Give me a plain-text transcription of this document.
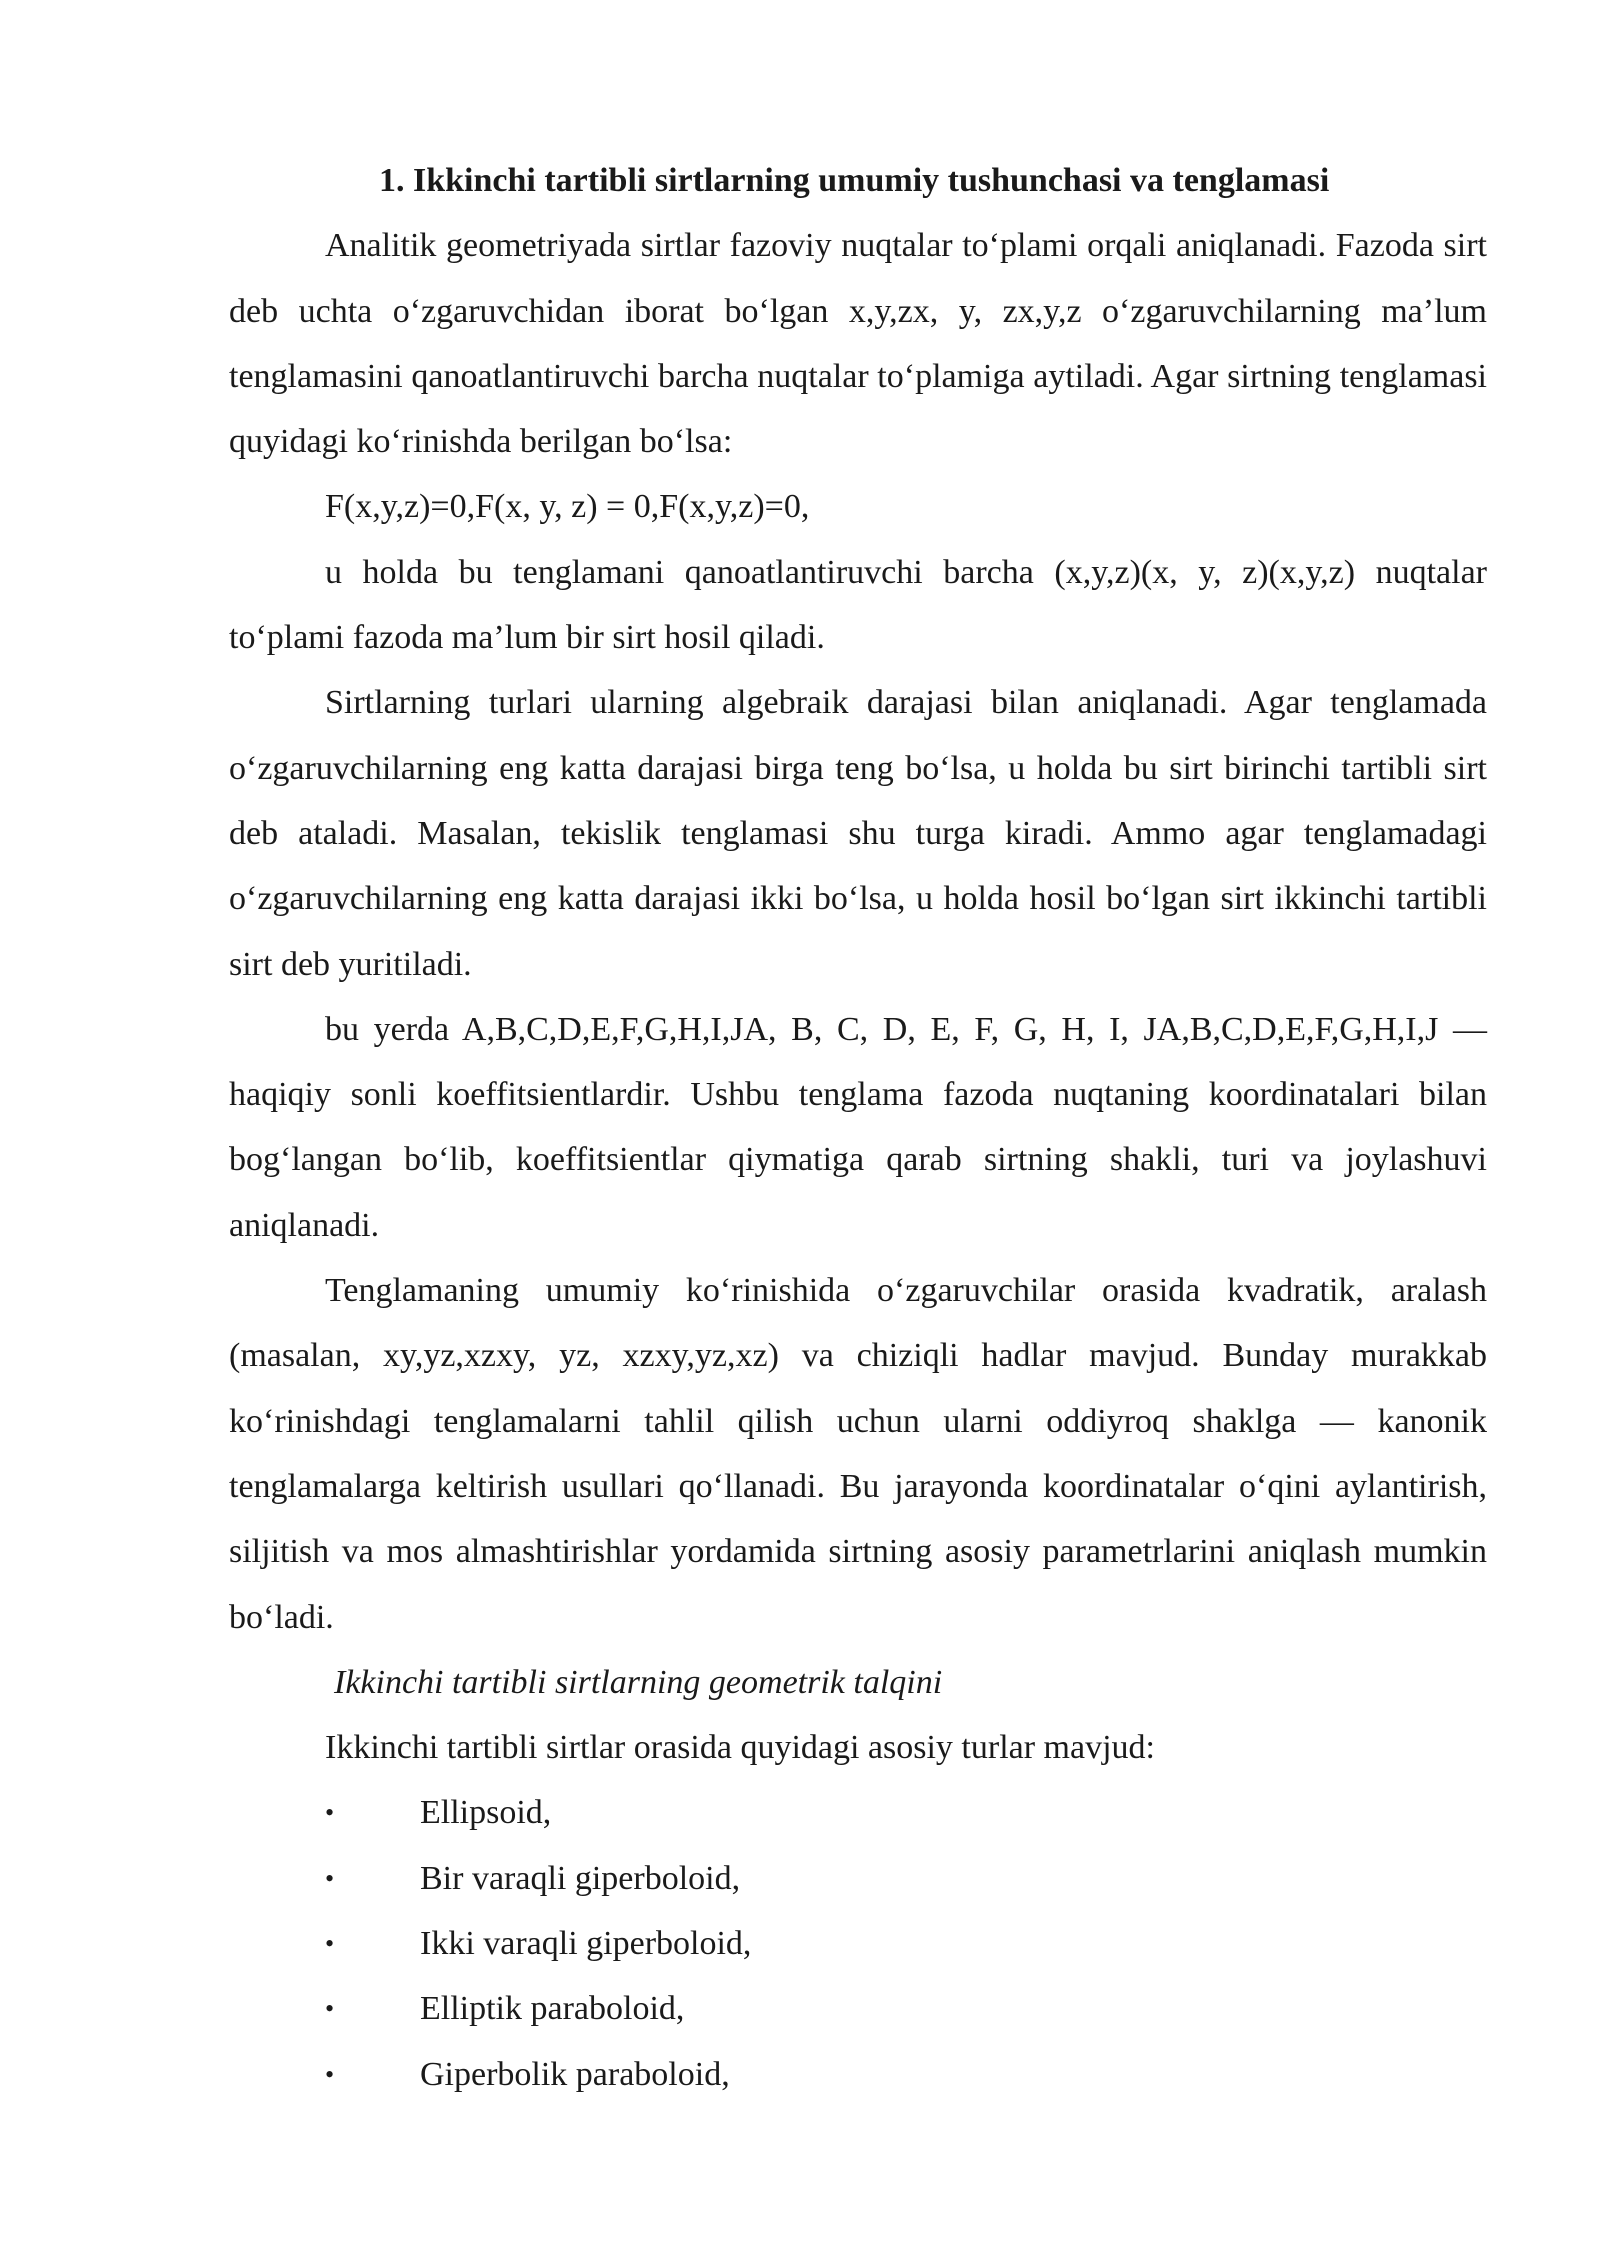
1. Ikkinchi tartibli sirtlarning umumiy tushunchasi va tenglamasi

Analitik geometriyada sirtlar fazoviy nuqtalar to‘plami orqali aniqlanadi. Fazoda sirt deb uchta o‘zgaruvchidan iborat bo‘lgan x,y,zx, y, zx,y,z o‘zgaruvchilarning ma’lum tenglamasini qanoatlantiruvchi barcha nuqtalar to‘plamiga aytiladi. Agar sirtning tenglamasi quyidagi ko‘rinishda berilgan bo‘lsa:

F(x,y,z)=0,F(x, y, z) = 0,F(x,y,z)=0,

u holda bu tenglamani qanoatlantiruvchi barcha (x,y,z)(x, y, z)(x,y,z) nuqtalar to‘plami fazoda ma’lum bir sirt hosil qiladi.

Sirtlarning turlari ularning algebraik darajasi bilan aniqlanadi. Agar tenglamada o‘zgaruvchilarning eng katta darajasi birga teng bo‘lsa, u holda bu sirt birinchi tartibli sirt deb ataladi. Masalan, tekislik tenglamasi shu turga kiradi. Ammo agar tenglamadagi o‘zgaruvchilarning eng katta darajasi ikki bo‘lsa, u holda hosil bo‘lgan sirt ikkinchi tartibli sirt deb yuritiladi.

bu yerda A,B,C,D,E,F,G,H,I,JA, B, C, D, E, F, G, H, I, JA,B,C,D,E,F,G,H,I,J — haqiqiy sonli koeffitsientlardir. Ushbu tenglama fazoda nuqtaning koordinatalari bilan bog‘langan bo‘lib, koeffitsientlar qiymatiga qarab sirtning shakli, turi va joylashuvi aniqlanadi.

Tenglamaning umumiy ko‘rinishida o‘zgaruvchilar orasida kvadratik, aralash (masalan, xy,yz,xzxy, yz, xzxy,yz,xz) va chiziqli hadlar mavjud. Bunday murakkab ko‘rinishdagi tenglamalarni tahlil qilish uchun ularni oddiyroq shaklga — kanonik tenglamalarga keltirish usullari qo‘llanadi. Bu jarayonda koordinatalar o‘qini aylantirish, siljitish va mos almashtirishlar yordamida sirtning asosiy parametrlarini aniqlash mumkin bo‘ladi.

Ikkinchi tartibli sirtlarning geometrik talqini

Ikkinchi tartibli sirtlar orasida quyidagi asosiy turlar mavjud:

•	Ellipsoid,
•	Bir varaqli giperboloid,
•	Ikki varaqli giperboloid,
•	Elliptik paraboloid,
•	Giperbolik paraboloid,
